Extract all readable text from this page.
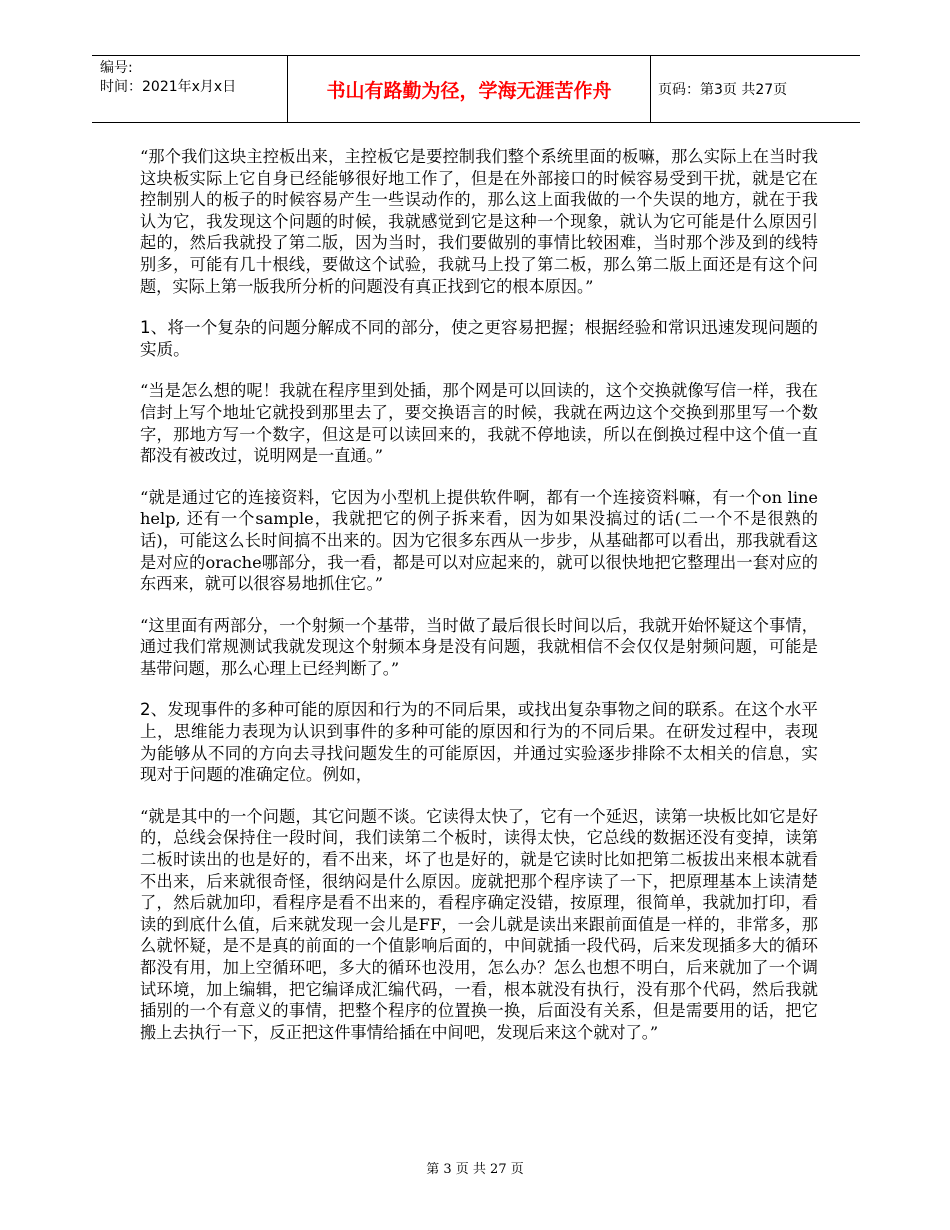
编号:
时间：2021年x月x日	书山有路勤为径，学海无涯苦作舟	页码：第3页 共27页

“那个我们这块主控板出来，主控板它是要控制我们整个系统里面的板嘛，那么实际上在当时我这块板实际上它自身已经能够很好地工作了，但是在外部接口的时候容易受到干扰，就是它在控制别人的板子的时候容易产生一些误动作的，那么这上面我做的一个失误的地方，就在于我认为它，我发现这个问题的时候，我就感觉到它是这种一个现象，就认为它可能是什么原因引起的，然后我就投了第二版，因为当时，我们要做别的事情比较困难，当时那个涉及到的线特别多，可能有几十根线，要做这个试验，我就马上投了第二板，那么第二版上面还是有这个问题，实际上第一版我所分析的问题没有真正找到它的根本原因。”

1、将一个复杂的问题分解成不同的部分，使之更容易把握；根据经验和常识迅速发现问题的实质。

“当是怎么想的呢！我就在程序里到处插，那个网是可以回读的，这个交换就像写信一样，我在信封上写个地址它就投到那里去了，要交换语言的时候，我就在两边这个交换到那里写一个数字，那地方写一个数字，但这是可以读回来的，我就不停地读，所以在倒换过程中这个值一直都没有被改过，说明网是一直通。”

“就是通过它的连接资料，它因为小型机上提供软件啊，都有一个连接资料嘛，有一个on line help, 还有一个sample，我就把它的例子拆来看，因为如果没搞过的话(二一个不是很熟的话)，可能这么长时间搞不出来的。因为它很多东西从一步步，从基础都可以看出，那我就看这是对应的orache哪部分，我一看，都是可以对应起来的，就可以很快地把它整理出一套对应的东西来，就可以很容易地抓住它。”

“这里面有两部分，一个射频一个基带，当时做了最后很长时间以后，我就开始怀疑这个事情，通过我们常规测试我就发现这个射频本身是没有问题，我就相信不会仅仅是射频问题，可能是基带问题，那么心理上已经判断了。”

2、发现事件的多种可能的原因和行为的不同后果，或找出复杂事物之间的联系。在这个水平上，思维能力表现为认识到事件的多种可能的原因和行为的不同后果。在研发过程中，表现为能够从不同的方向去寻找问题发生的可能原因，并通过实验逐步排除不太相关的信息，实现对于问题的准确定位。例如，

“就是其中的一个问题，其它问题不谈。它读得太快了，它有一个延迟，读第一块板比如它是好的，总线会保持住一段时间，我们读第二个板时，读得太快，它总线的数据还没有变掉，读第二板时读出的也是好的，看不出来，坏了也是好的，就是它读时比如把第二板拔出来根本就看不出来，后来就很奇怪，很纳闷是什么原因。庞就把那个程序读了一下，把原理基本上读清楚了，然后就加印，看程序是看不出来的，看程序确定没错，按原理，很简单，我就加打印，看读的到底什么值，后来就发现一会儿是FF，一会儿就是读出来跟前面值是一样的，非常多，那么就怀疑，是不是真的前面的一个值影响后面的，中间就插一段代码，后来发现插多大的循环都没有用，加上空循环吧，多大的循环也没用，怎么办？怎么也想不明白，后来就加了一个调试环境，加上编辑，把它编译成汇编代码，一看，根本就没有执行，没有那个代码，然后我就插别的一个有意义的事情，把整个程序的位置换一换，后面没有关系，但是需要用的话，把它搬上去执行一下，反正把这件事情给插在中间吧，发现后来这个就对了。”

第 3 页 共 27 页
